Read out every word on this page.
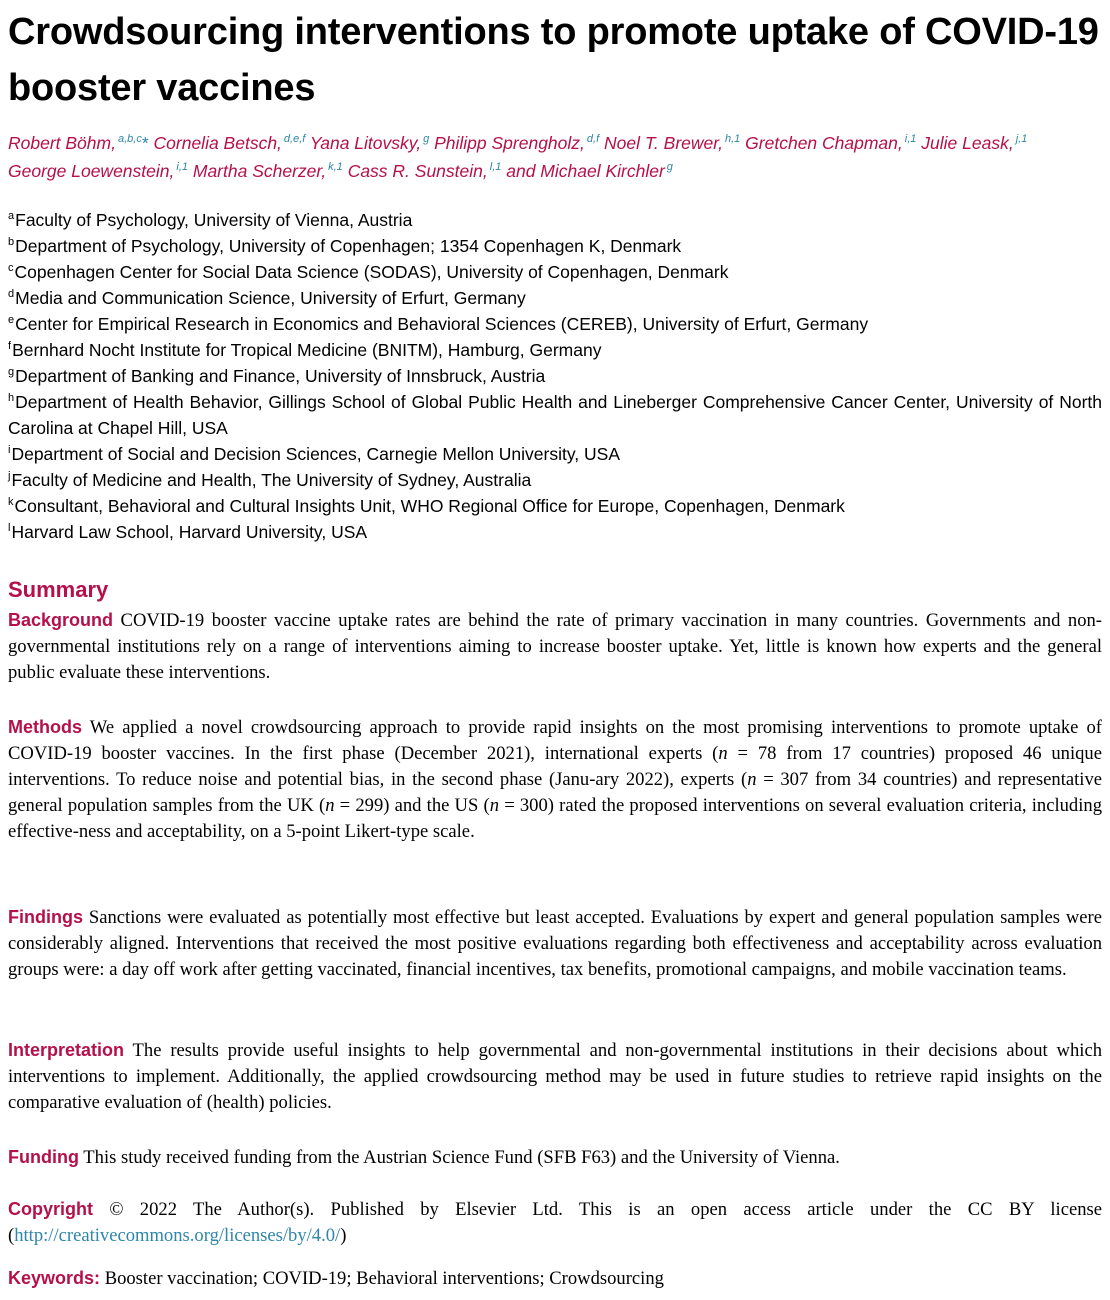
Crowdsourcing interventions to promote uptake of COVID-19 booster vaccines
Robert Böhm, $^{a,b,c}$* Cornelia Betsch, $^{d,e,f}$ Yana Litovsky, $^g$ Philipp Sprengholz, $^{d,f}$ Noel T. Brewer, $^{h,1}$ Gretchen Chapman, $^{i,1}$ Julie Leask, $^{j,1}$
George Loewenstein, $^{i,1}$ Martha Scherzer, $^{k,1}$ Cass R. Sunstein, $^{l,1}$ and Michael Kirchler $^g$
$^a$Faculty of Psychology, University of Vienna, Austria
$^b$Department of Psychology, University of Copenhagen; 1354 Copenhagen K, Denmark
$^c$Copenhagen Center for Social Data Science (SODAS), University of Copenhagen, Denmark
$^d$Media and Communication Science, University of Erfurt, Germany
$^e$Center for Empirical Research in Economics and Behavioral Sciences (CEREB), University of Erfurt, Germany
$^f$Bernhard Nocht Institute for Tropical Medicine (BNITM), Hamburg, Germany
$^g$Department of Banking and Finance, University of Innsbruck, Austria
$^h$Department of Health Behavior, Gillings School of Global Public Health and Lineberger Comprehensive Cancer Center, University of North Carolina at Chapel Hill, USA
$^i$Department of Social and Decision Sciences, Carnegie Mellon University, USA
$^j$Faculty of Medicine and Health, The University of Sydney, Australia
$^k$Consultant, Behavioral and Cultural Insights Unit, WHO Regional Office for Europe, Copenhagen, Denmark
$^l$Harvard Law School, Harvard University, USA
Summary
Background COVID-19 booster vaccine uptake rates are behind the rate of primary vaccination in many countries. Governments and non-governmental institutions rely on a range of interventions aiming to increase booster uptake. Yet, little is known how experts and the general public evaluate these interventions.
Methods We applied a novel crowdsourcing approach to provide rapid insights on the most promising interventions to promote uptake of COVID-19 booster vaccines. In the first phase (December 2021), international experts (n = 78 from 17 countries) proposed 46 unique interventions. To reduce noise and potential bias, in the second phase (Janu-ary 2022), experts (n = 307 from 34 countries) and representative general population samples from the UK (n = 299) and the US (n = 300) rated the proposed interventions on several evaluation criteria, including effective-ness and acceptability, on a 5-point Likert-type scale.
Findings Sanctions were evaluated as potentially most effective but least accepted. Evaluations by expert and general population samples were considerably aligned. Interventions that received the most positive evaluations regarding both effectiveness and acceptability across evaluation groups were: a day off work after getting vaccinated, financial incentives, tax benefits, promotional campaigns, and mobile vaccination teams.
Interpretation The results provide useful insights to help governmental and non-governmental institutions in their decisions about which interventions to implement. Additionally, the applied crowdsourcing method may be used in future studies to retrieve rapid insights on the comparative evaluation of (health) policies.
Funding This study received funding from the Austrian Science Fund (SFB F63) and the University of Vienna.
Copyright © 2022 The Author(s). Published by Elsevier Ltd. This is an open access article under the CC BY license (http://creativecommons.org/licenses/by/4.0/)
Keywords: Booster vaccination; COVID-19; Behavioral interventions; Crowdsourcing
